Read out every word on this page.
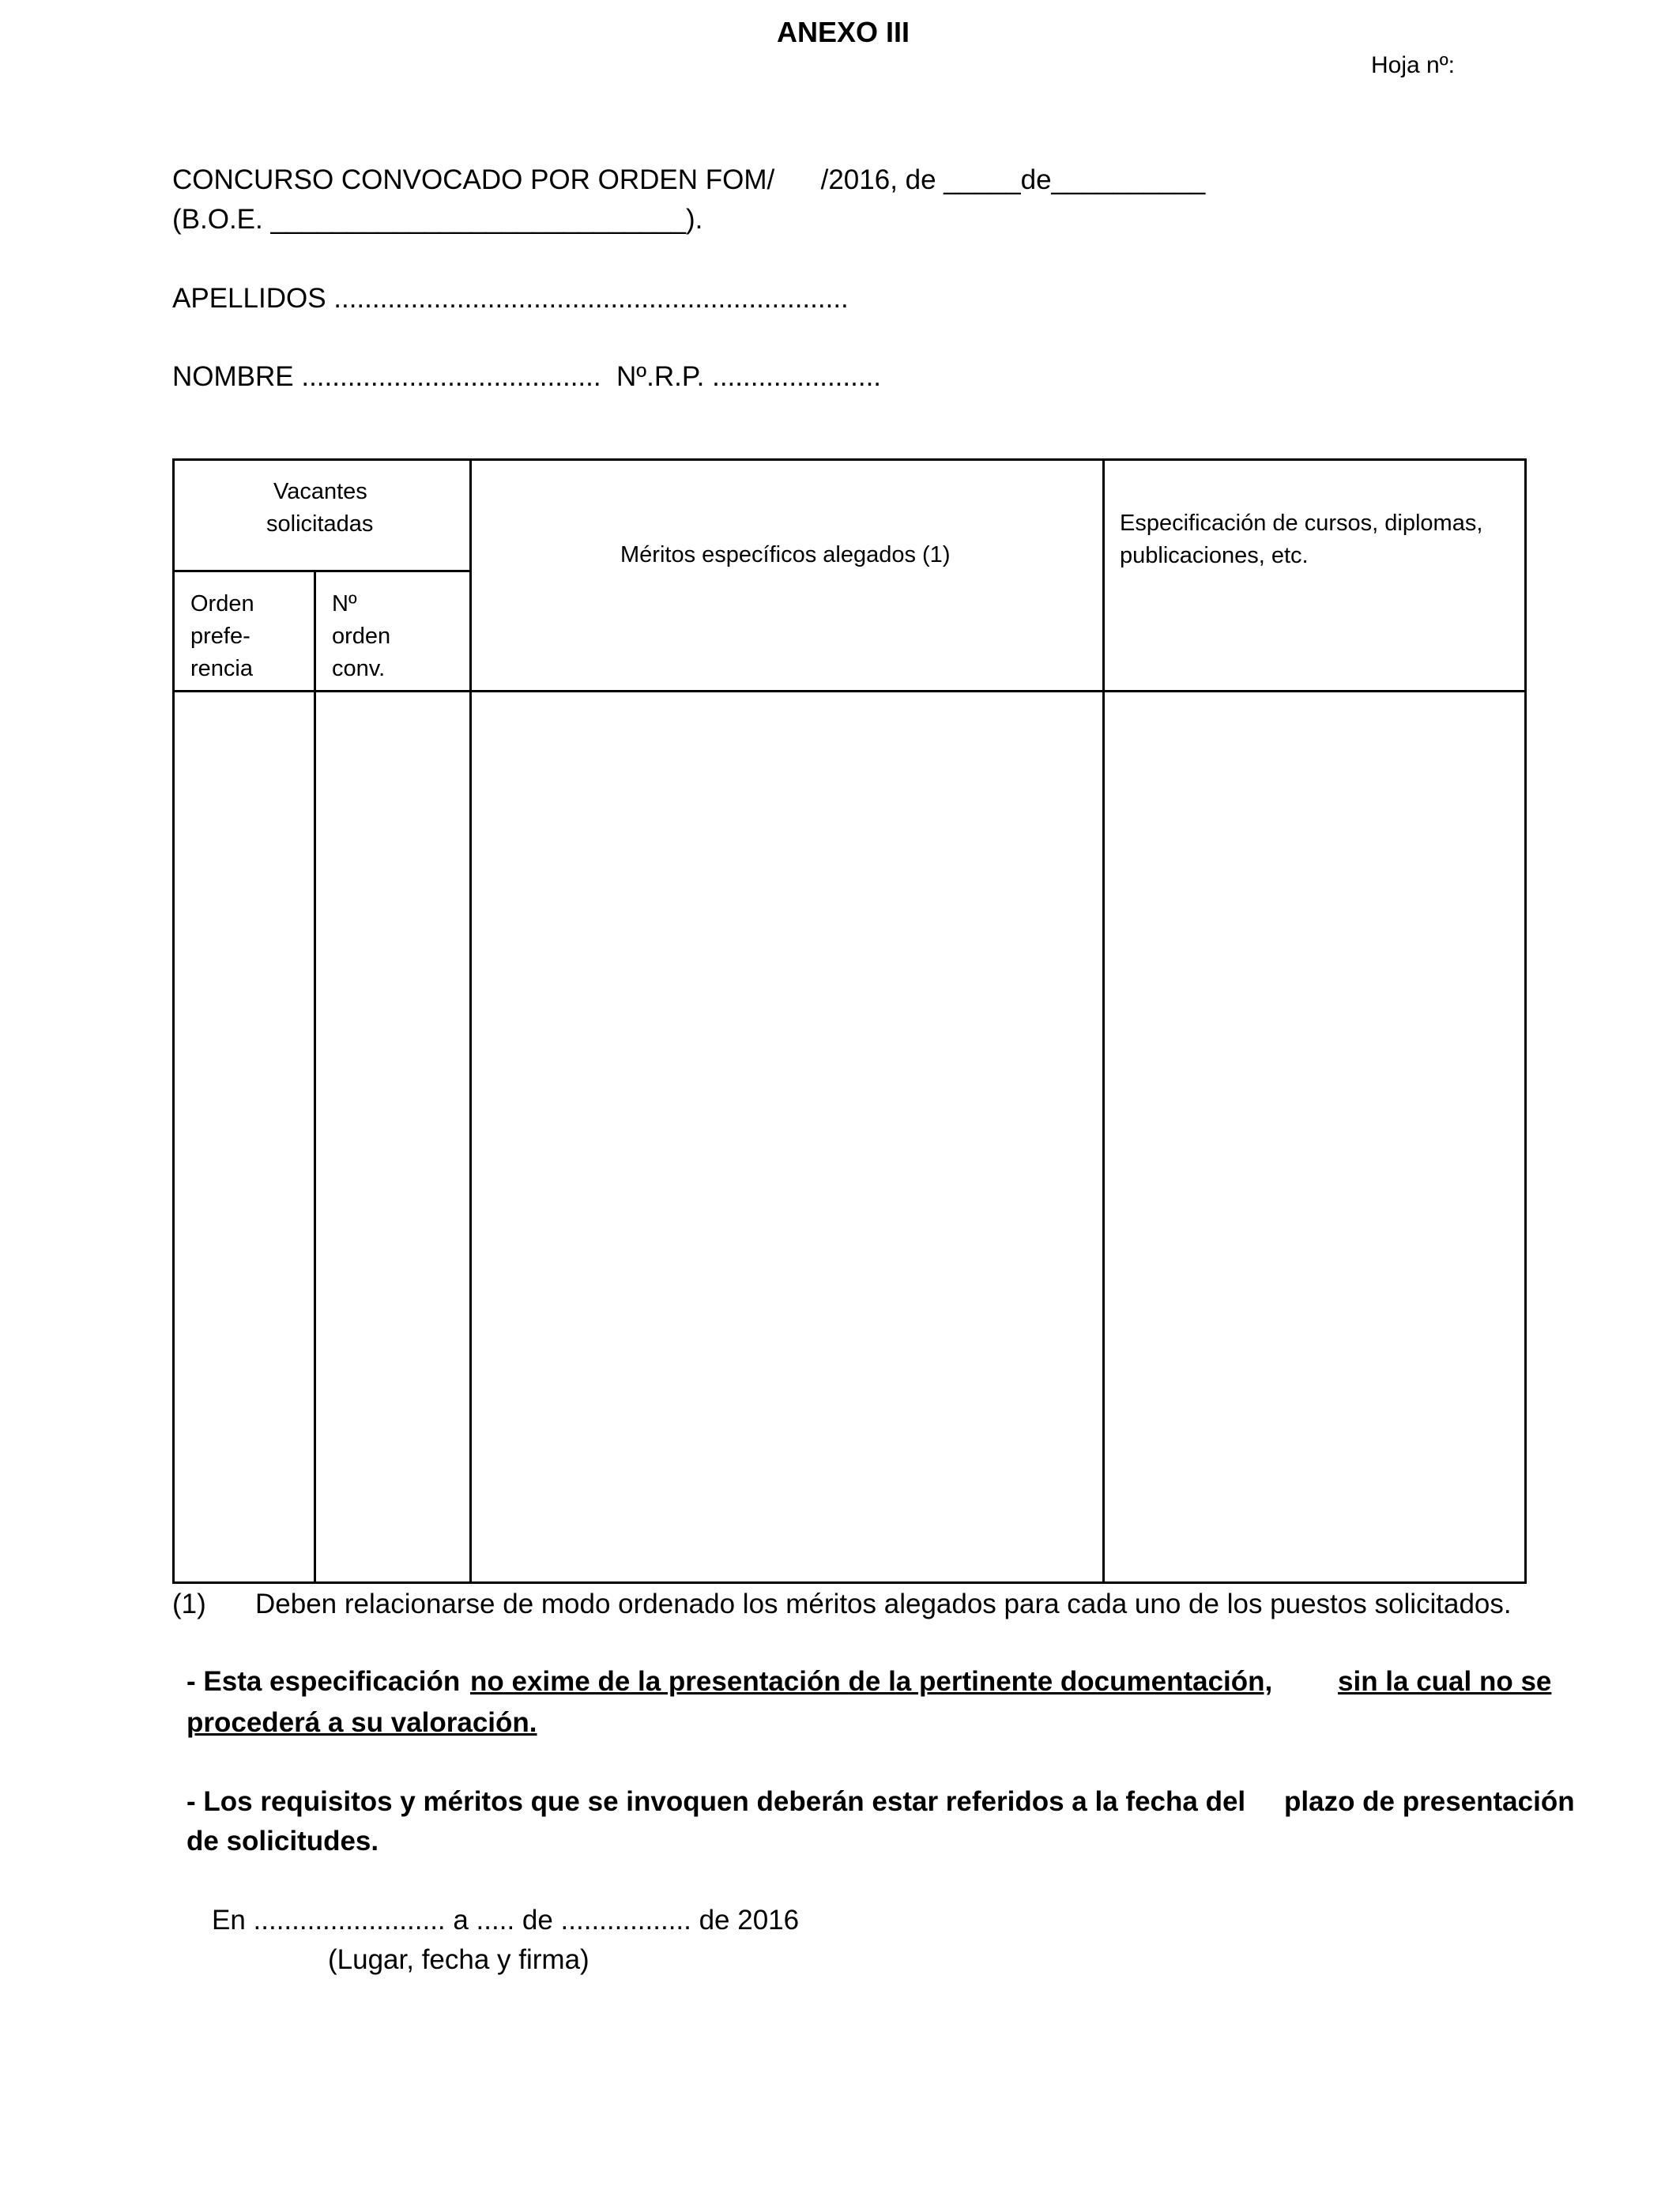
ANEXO III
Hoja nº:
CONCURSO CONVOCADO POR ORDEN FOM/      /2016, de _____de__________
(B.O.E. ___________________________).
APELLIDOS ...................................................................
NOMBRE .......................................  Nº.R.P. ......................
Vacantes
solicitadas
Orden
prefe-
rencia
Nº
orden
conv.
Méritos específicos alegados (1)
Especificación de cursos, diplomas,
publicaciones, etc.
(1) Deben relacionarse de modo ordenado los méritos alegados para cada uno de los puestos solicitados.
- Esta especificación no exime de la presentación de la pertinente documentación, sin la cual no se
procederá a su valoración.
- Los requisitos y méritos que se invoquen deberán estar referidos a la fecha del plazo de presentación
de solicitudes.
En ......................... a ..... de ................. de 2016
(Lugar, fecha y firma)
